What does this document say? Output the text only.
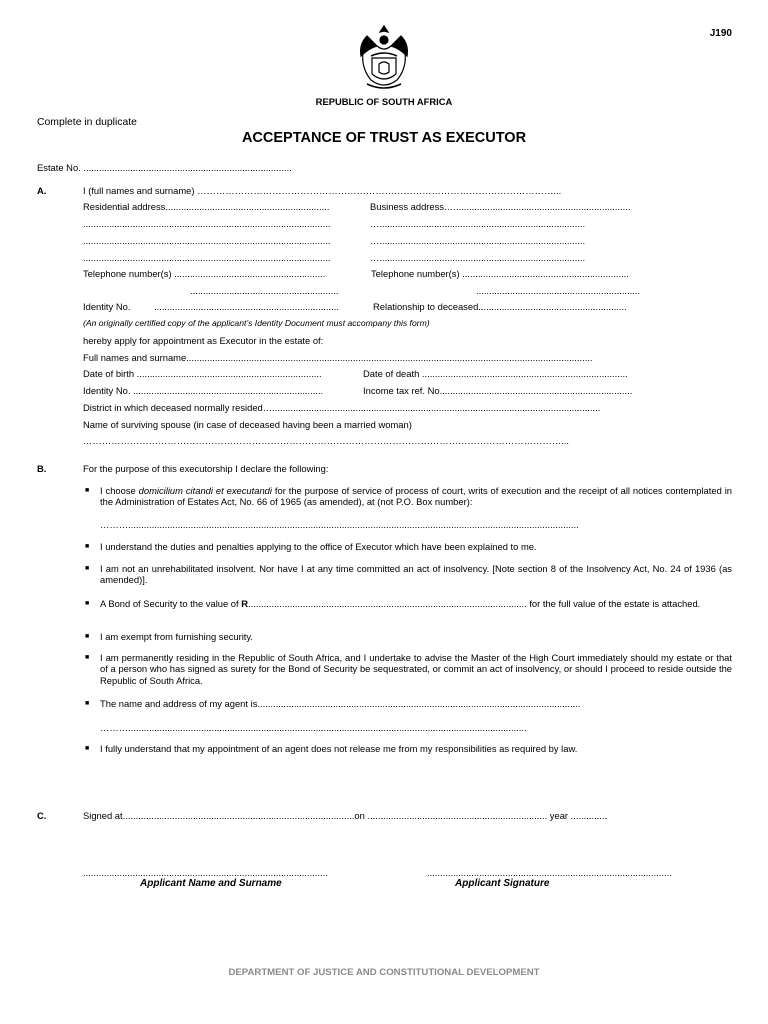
J190
REPUBLIC OF SOUTH AFRICA
Complete in duplicate
ACCEPTANCE OF TRUST AS EXECUTOR
Estate No. ................................................................................
A.	I (full names and surname) ……………………………………………………………………………………………………...
Residential address...............................................................	Business address.…...................................................................
...............................................................................................	…...............................................................................
...............................................................................................	…...............................................................................
...............................................................................................	…...............................................................................
Telephone number(s) ..........................................................	Telephone number(s) ................................................................
.........................................................	...............................................................
Identity No.	.......................................................................	Relationship to deceased.........................................................
(An originally certified copy of the applicant’s Identity Document must accompany this form)
hereby apply for appointment as Executor in the estate of:
Full names and surname............................................................................................................................................................
Date of birth .......................................................................	Date of death ...............................................................................
Identity No. .........................................................................	Income tax ref. No..........................................................................
District in which deceased normally resided…..............................................................................................................................
Name of surviving spouse (in case of deceased having been a married woman)
………………………………………………………………………………………………………………………………………...
B.	For the purpose of this executorship I declare the following:
■ I choose domicilium citandi et executandi for the purpose of service of process of court, writs of execution and the receipt of all notices contemplated in the Administration of Estates Act, No. 66 of 1965 (as amended), at (not P.O. Box number):
……….............................................................................................................................................................................
■ I understand the duties and penalties applying to the office of Executor which have been explained to me.
■ I am not an unrehabilitated insolvent. Nor have I at any time committed an act of insolvency. [Note section 8 of the Insolvency Act, No. 24 of 1936 (as amended)].
■ A Bond of Security to the value of R........................................................................................................... for the full value of the estate is attached.
■ I am exempt from furnishing security.
■ I am permanently residing in the Republic of South Africa, and I undertake to advise the Master of the High Court immediately should my estate or that of a person who has signed as surety for the Bond of Security be sequestrated, or commit an act of insolvency, or should I proceed to reside outside the Republic of South Africa.
■ The name and address of my agent is............................................................................................................................
……….........................................................................................................................................................
■ I fully understand that my appointment of an agent does not release me from my responsibilities as required by law.
C.	Signed at.........................................................................................on ..................................................................... year ..............
..............................................................................................	..............................................................................................
Applicant Name and Surname	Applicant Signature
DEPARTMENT OF JUSTICE AND CONSTITUTIONAL DEVELOPMENT
